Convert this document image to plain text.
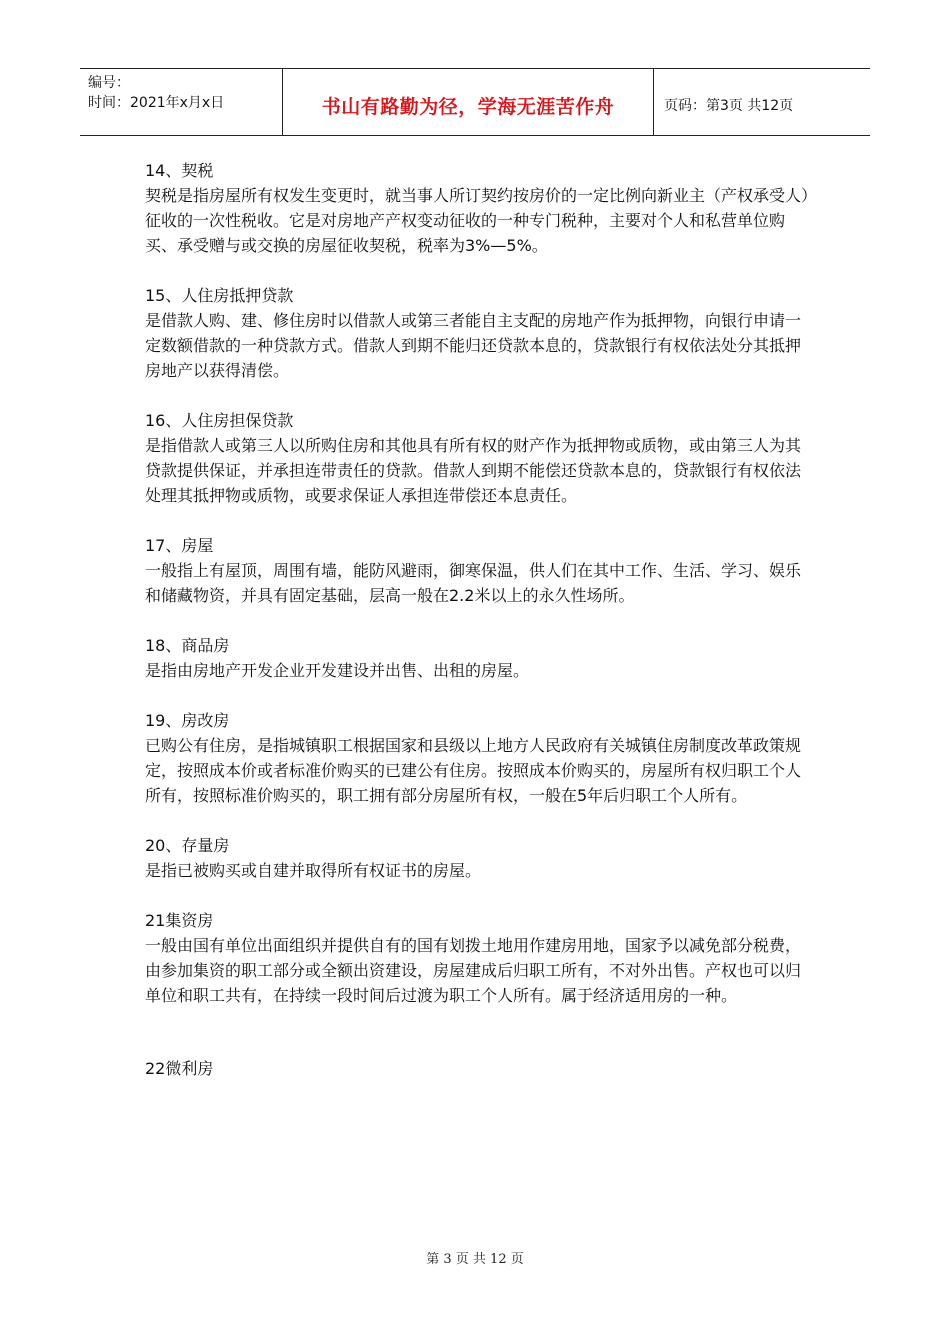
编号：
时间：2021年x月x日	书山有路勤为径，学海无涯苦作舟	页码：第3页 共12页

14、契税

契税是指房屋所有权发生变更时，就当事人所订契约按房价的一定比例向新业主（产权承受人）征收的一次性税收。它是对房地产产权变动征收的一种专门税种，主要对个人和私营单位购买、承受赠与或交换的房屋征收契税，税率为3%—5%。

15、人住房抵押贷款

是借款人购、建、修住房时以借款人或第三者能自主支配的房地产作为抵押物，向银行申请一定数额借款的一种贷款方式。借款人到期不能归还贷款本息的，贷款银行有权依法处分其抵押房地产以获得清偿。

16、人住房担保贷款

是指借款人或第三人以所购住房和其他具有所有权的财产作为抵押物或质物，或由第三人为其贷款提供保证，并承担连带责任的贷款。借款人到期不能偿还贷款本息的，贷款银行有权依法处理其抵押物或质物，或要求保证人承担连带偿还本息责任。

17、房屋

一般指上有屋顶，周围有墙，能防风避雨，御寒保温，供人们在其中工作、生活、学习、娱乐和储藏物资，并具有固定基础，层高一般在2.2米以上的永久性场所。

18、商品房

是指由房地产开发企业开发建设并出售、出租的房屋。

19、房改房

已购公有住房，是指城镇职工根据国家和县级以上地方人民政府有关城镇住房制度改革政策规定，按照成本价或者标准价购买的已建公有住房。按照成本价购买的，房屋所有权归职工个人所有，按照标准价购买的，职工拥有部分房屋所有权，一般在5年后归职工个人所有。

20、存量房

是指已被购买或自建并取得所有权证书的房屋。

21集资房

一般由国有单位出面组织并提供自有的国有划拨土地用作建房用地，国家予以减免部分税费，由参加集资的职工部分或全额出资建设，房屋建成后归职工所有，不对外出售。产权也可以归单位和职工共有，在持续一段时间后过渡为职工个人所有。属于经济适用房的一种。

22微利房

第 3 页 共 12 页
